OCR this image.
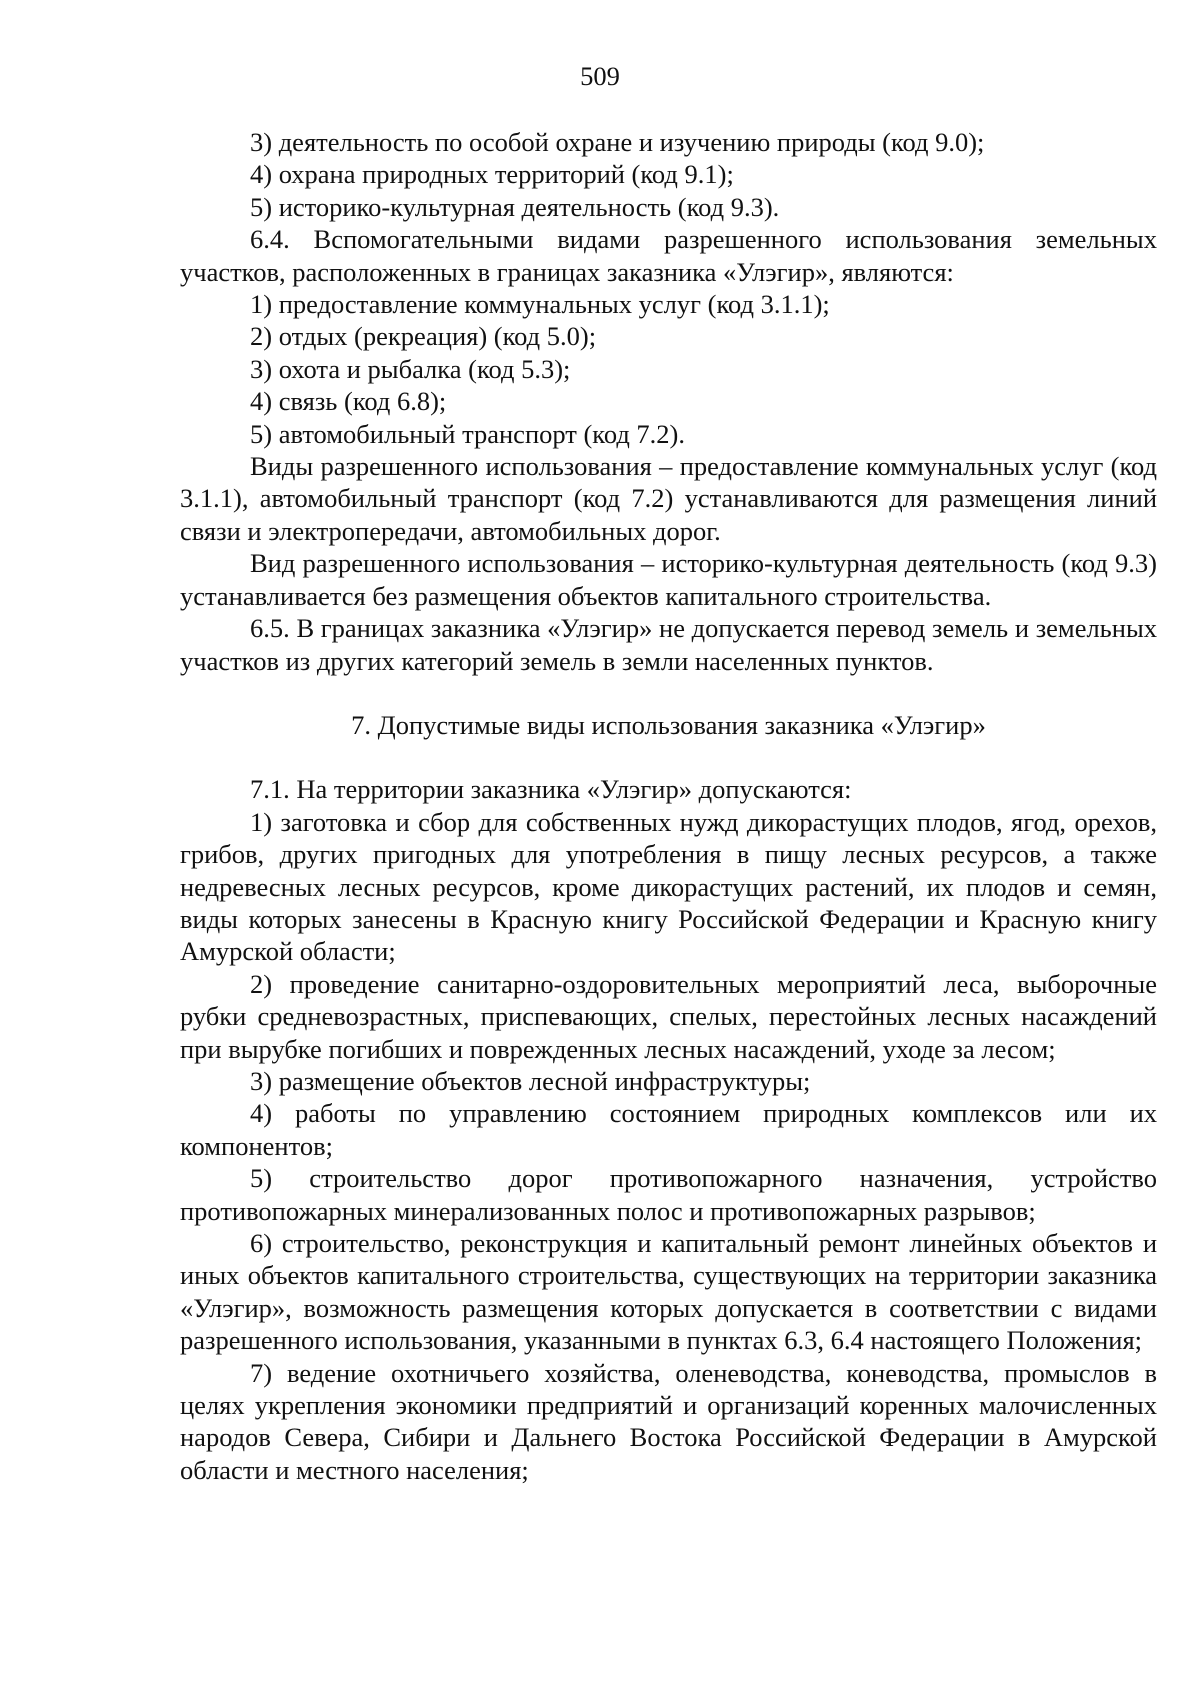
509

3) деятельность по особой охране и изучению природы (код 9.0);

4) охрана природных территорий (код 9.1);

5) историко-культурная деятельность (код 9.3).

6.4. Вспомогательными видами разрешенного использования земельных участков, расположенных в границах заказника «Улэгир», являются:

1) предоставление коммунальных услуг (код 3.1.1);

2) отдых (рекреация) (код 5.0);

3) охота и рыбалка (код 5.3);

4) связь (код 6.8);

5) автомобильный транспорт (код 7.2).

Виды разрешенного использования – предоставление коммунальных услуг (код 3.1.1), автомобильный транспорт (код 7.2) устанавливаются для размещения линий связи и электропередачи, автомобильных дорог.

Вид разрешенного использования – историко-культурная деятельность (код 9.3) устанавливается без размещения объектов капитального строительства.

6.5. В границах заказника «Улэгир» не допускается перевод земель и земельных участков из других категорий земель в земли населенных пунктов.

7. Допустимые виды использования заказника «Улэгир»

7.1. На территории заказника «Улэгир» допускаются:

1) заготовка и сбор для собственных нужд дикорастущих плодов, ягод, орехов, грибов, других пригодных для употребления в пищу лесных ресурсов, а также недревесных лесных ресурсов, кроме дикорастущих растений, их плодов и семян, виды которых занесены в Красную книгу Российской Федерации и Красную книгу Амурской области;

2) проведение санитарно-оздоровительных мероприятий леса, выборочные рубки средневозрастных, приспевающих, спелых, перестойных лесных насаждений при вырубке погибших и поврежденных лесных насаждений, уходе за лесом;

3) размещение объектов лесной инфраструктуры;

4) работы по управлению состоянием природных комплексов или их компонентов;

5) строительство дорог противопожарного назначения, устройство противопожарных минерализованных полос и противопожарных разрывов;

6) строительство, реконструкция и капитальный ремонт линейных объектов и иных объектов капитального строительства, существующих на территории заказника «Улэгир», возможность размещения которых допускается в соответствии с видами разрешенного использования, указанными в пунктах 6.3, 6.4 настоящего Положения;

7) ведение охотничьего хозяйства, оленеводства, коневодства, промыслов в целях укрепления экономики предприятий и организаций коренных малочисленных народов Севера, Сибири и Дальнего Востока Российской Федерации в Амурской области и местного населения;
